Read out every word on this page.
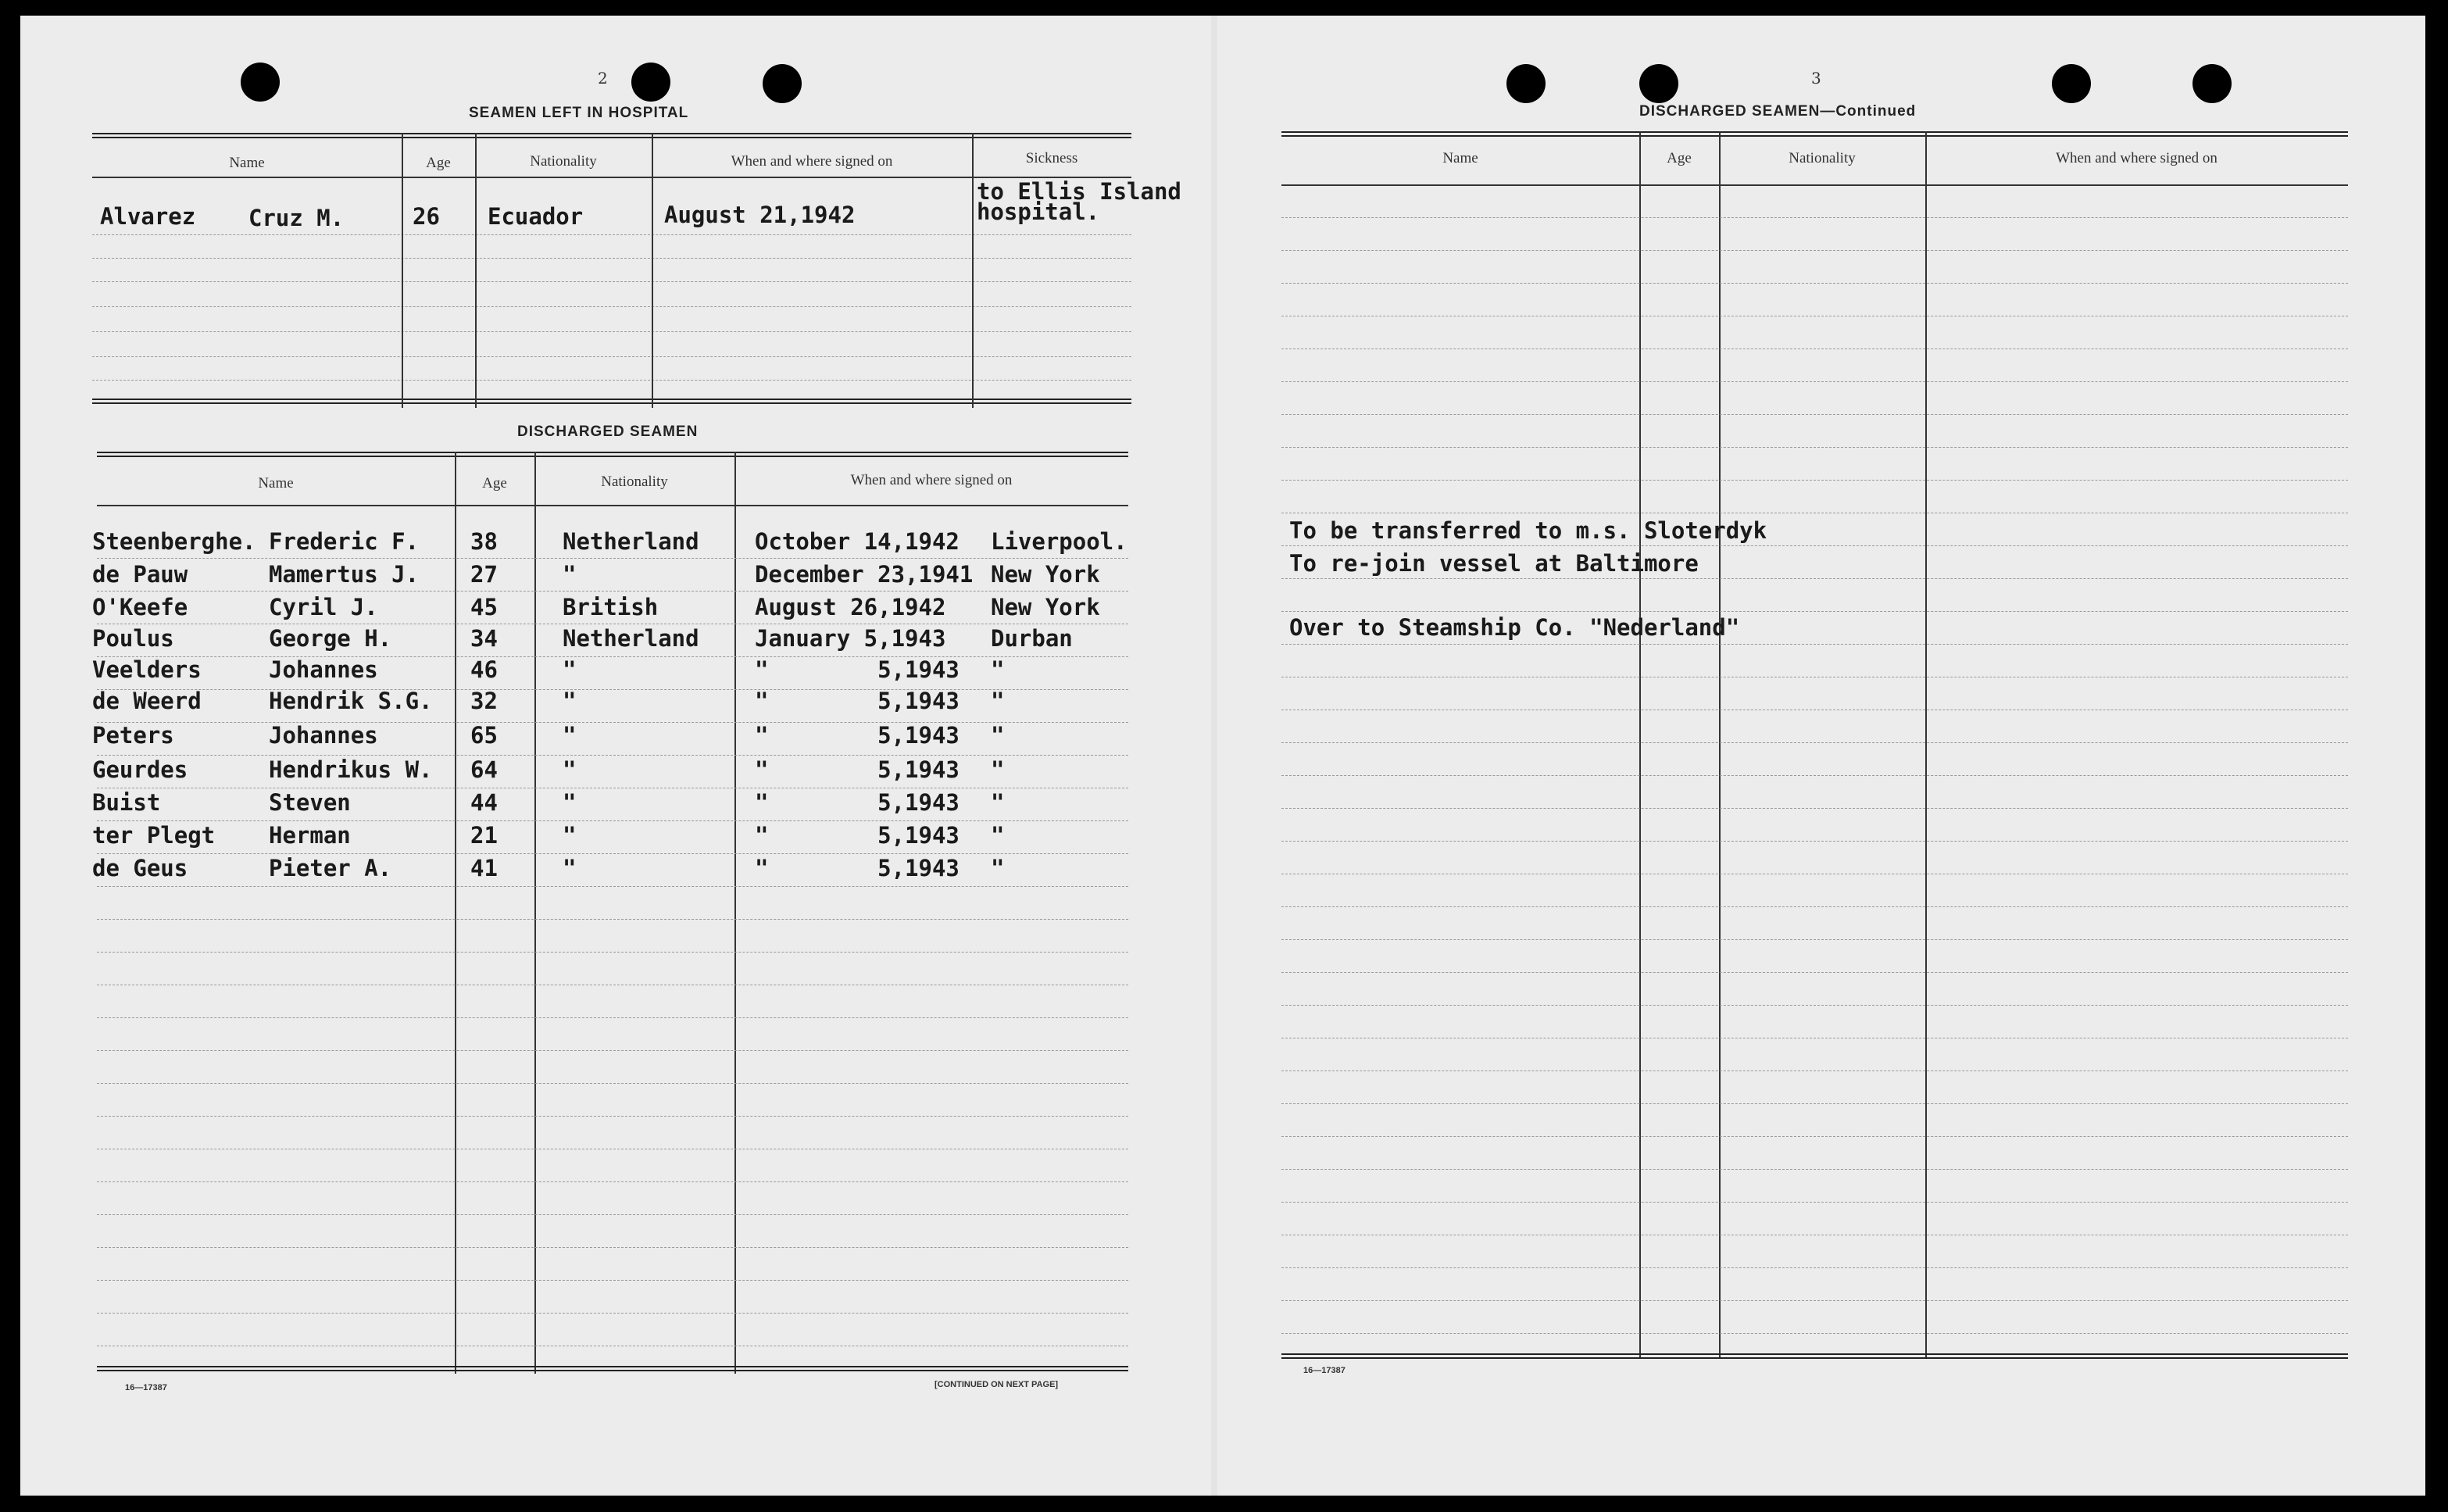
2
SEAMEN LEFT IN HOSPITAL
Name	Age	Nationality	When and where signed on	Sickness
Alvarez Cruz M.	26 Ecuador	August 21,1942
to Ellis Island
hospital.
DISCHARGED SEAMEN
Name	Age	Nationality	When and where signed on
Steenberghe. Frederic F. 38	Netherland October 14,1942 Liverpool.
de Pauw	Mamertus J. 27	"	December 23,1941 New York
O'Keefe	Cyril J.	45	British	August 26,1942 New York
Poulus	George H.	34	Netherland January 5,1943 Durban
Veelders	Johannes	46	"	"        5,1943 "
de Weerd	Hendrik S.G. 32	"	"        5,1943 "
Peters	Johannes	65	"	"        5,1943 "
Geurdes	Hendrikus W. 64	"	"        5,1943 "
Buist	Steven	44	"	"        5,1943 "
ter Plegt Herman	21	"	"        5,1943 "
de Geus	Pieter A.	41	"	"        5,1943 "
16—17387	[CONTINUED ON NEXT PAGE]
3
DISCHARGED SEAMEN—Continued
Name	Age	Nationality	When and where signed on
To be transferred to m.s. Sloterdyk
To re-join vessel at Baltimore
Over to Steamship Co. "Nederland"
16—17387
